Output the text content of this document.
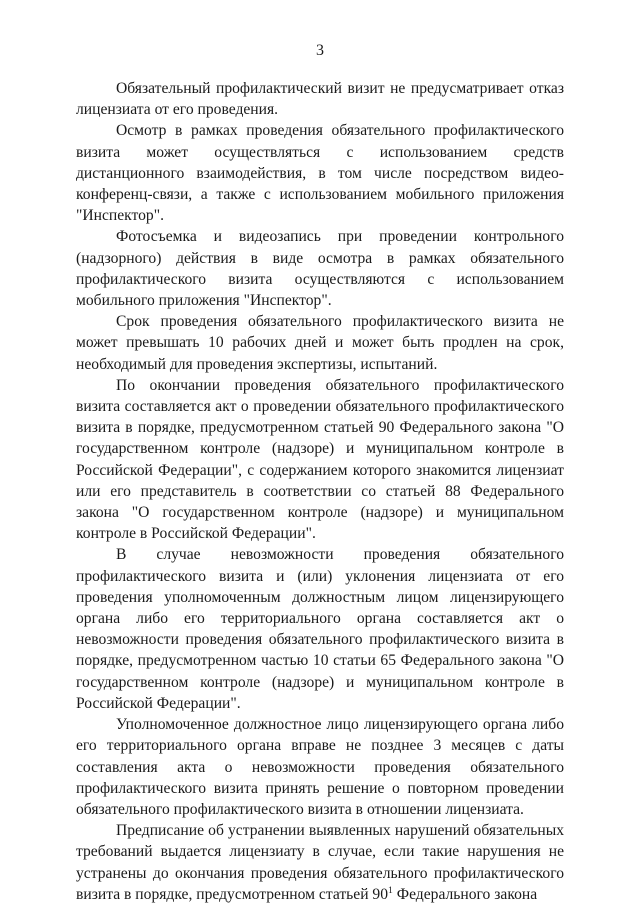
3

Обязательный профилактический визит не предусматривает отказ лицензиата от его проведения.

Осмотр в рамках проведения обязательного профилактического визита может осуществляться с использованием средств дистанционного взаимодействия, в том числе посредством видео-конференц-связи, а также с использованием мобильного приложения "Инспектор".

Фотосъемка и видеозапись при проведении контрольного (надзорного) действия в виде осмотра в рамках обязательного профилактического визита осуществляются с использованием мобильного приложения "Инспектор".

Срок проведения обязательного профилактического визита не может превышать 10 рабочих дней и может быть продлен на срок, необходимый для проведения экспертизы, испытаний.

По окончании проведения обязательного профилактического визита составляется акт о проведении обязательного профилактического визита в порядке, предусмотренном статьей 90 Федерального закона "О государственном контроле (надзоре) и муниципальном контроле в Российской Федерации", с содержанием которого знакомится лицензиат или его представитель в соответствии со статьей 88 Федерального закона "О государственном контроле (надзоре) и муниципальном контроле в Российской Федерации".

В случае невозможности проведения обязательного профилактического визита и (или) уклонения лицензиата от его проведения уполномоченным должностным лицом лицензирующего органа либо его территориального органа составляется акт о невозможности проведения обязательного профилактического визита в порядке, предусмотренном частью 10 статьи 65 Федерального закона "О государственном контроле (надзоре) и муниципальном контроле в Российской Федерации".

Уполномоченное должностное лицо лицензирующего органа либо его территориального органа вправе не позднее 3 месяцев с даты составления акта о невозможности проведения обязательного профилактического визита принять решение о повторном проведении обязательного профилактического визита в отношении лицензиата.

Предписание об устранении выявленных нарушений обязательных требований выдается лицензиату в случае, если такие нарушения не устранены до окончания проведения обязательного профилактического визита в порядке, предусмотренном статьей $90^1$ Федерального закона
